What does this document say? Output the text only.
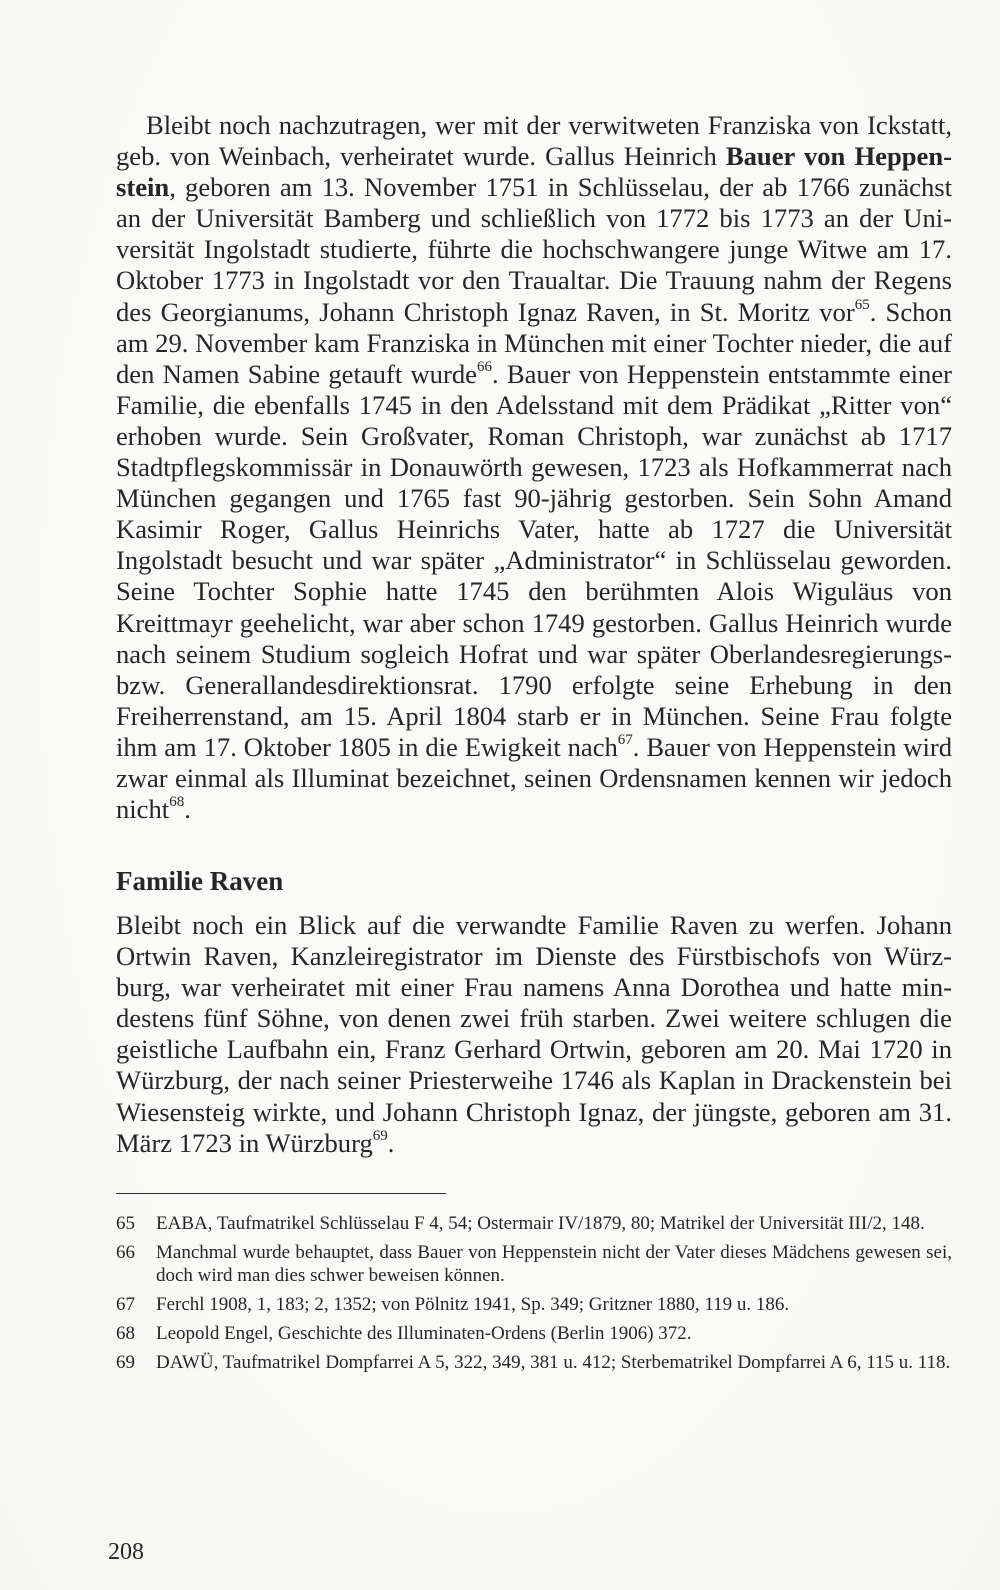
Bleibt noch nachzutragen, wer mit der verwitweten Franziska von Ickstatt, geb. von Weinbach, verheiratet wurde. Gallus Heinrich Bauer von Heppenstein, geboren am 13. November 1751 in Schlüsselau, der ab 1766 zunächst an der Universität Bamberg und schließlich von 1772 bis 1773 an der Universität Ingolstadt studierte, führte die hochschwangere junge Witwe am 17. Oktober 1773 in Ingolstadt vor den Traualtar. Die Trauung nahm der Regens des Georgianums, Johann Christoph Ignaz Raven, in St. Moritz vor$^{65}$. Schon am 29. November kam Franziska in München mit einer Tochter nieder, die auf den Namen Sabine getauft wurde$^{66}$. Bauer von Heppenstein entstammte einer Familie, die ebenfalls 1745 in den Adelsstand mit dem Prädikat „Ritter von“ erhoben wurde. Sein Großvater, Roman Christoph, war zunächst ab 1717 Stadtpflegskommissär in Donauwörth gewesen, 1723 als Hofkammerrat nach München gegangen und 1765 fast 90-jährig gestorben. Sein Sohn Amand Kasimir Roger, Gallus Heinrichs Vater, hatte ab 1727 die Universität Ingolstadt besucht und war später „Administrator“ in Schlüsselau geworden. Seine Tochter Sophie hatte 1745 den berühmten Alois Wiguläus von Kreittmayr geehelicht, war aber schon 1749 gestorben. Gallus Heinrich wurde nach seinem Studium sogleich Hofrat und war später Oberlandesregierungs- bzw. Generallandesdirektionsrat. 1790 erfolgte seine Erhebung in den Freiherrenstand, am 15. April 1804 starb er in München. Seine Frau folgte ihm am 17. Oktober 1805 in die Ewigkeit nach$^{67}$. Bauer von Heppenstein wird zwar einmal als Illuminat bezeichnet, seinen Ordensnamen kennen wir jedoch nicht$^{68}$.
Familie Raven
Bleibt noch ein Blick auf die verwandte Familie Raven zu werfen. Johann Ortwin Raven, Kanzleiregistrator im Dienste des Fürstbischofs von Würzburg, war verheiratet mit einer Frau namens Anna Dorothea und hatte mindestens fünf Söhne, von denen zwei früh starben. Zwei weitere schlugen die geistliche Laufbahn ein, Franz Gerhard Ortwin, geboren am 20. Mai 1720 in Würzburg, der nach seiner Priesterweihe 1746 als Kaplan in Drackenstein bei Wiesensteig wirkte, und Johann Christoph Ignaz, der jüngste, geboren am 31. März 1723 in Würzburg$^{69}$.
65	EABA, Taufmatrikel Schlüsselau F 4, 54; Ostermair IV/1879, 80; Matrikel der Universität III/2, 148.
66	Manchmal wurde behauptet, dass Bauer von Heppenstein nicht der Vater dieses Mädchens gewesen sei, doch wird man dies schwer beweisen können.
67	Ferchl 1908, 1, 183; 2, 1352; von Pölnitz 1941, Sp. 349; Gritzner 1880, 119 u. 186.
68	Leopold Engel, Geschichte des Illuminaten-Ordens (Berlin 1906) 372.
69	DAWÜ, Taufmatrikel Dompfarrei A 5, 322, 349, 381 u. 412; Sterbematrikel Dompfarrei A 6, 115 u. 118.
208
